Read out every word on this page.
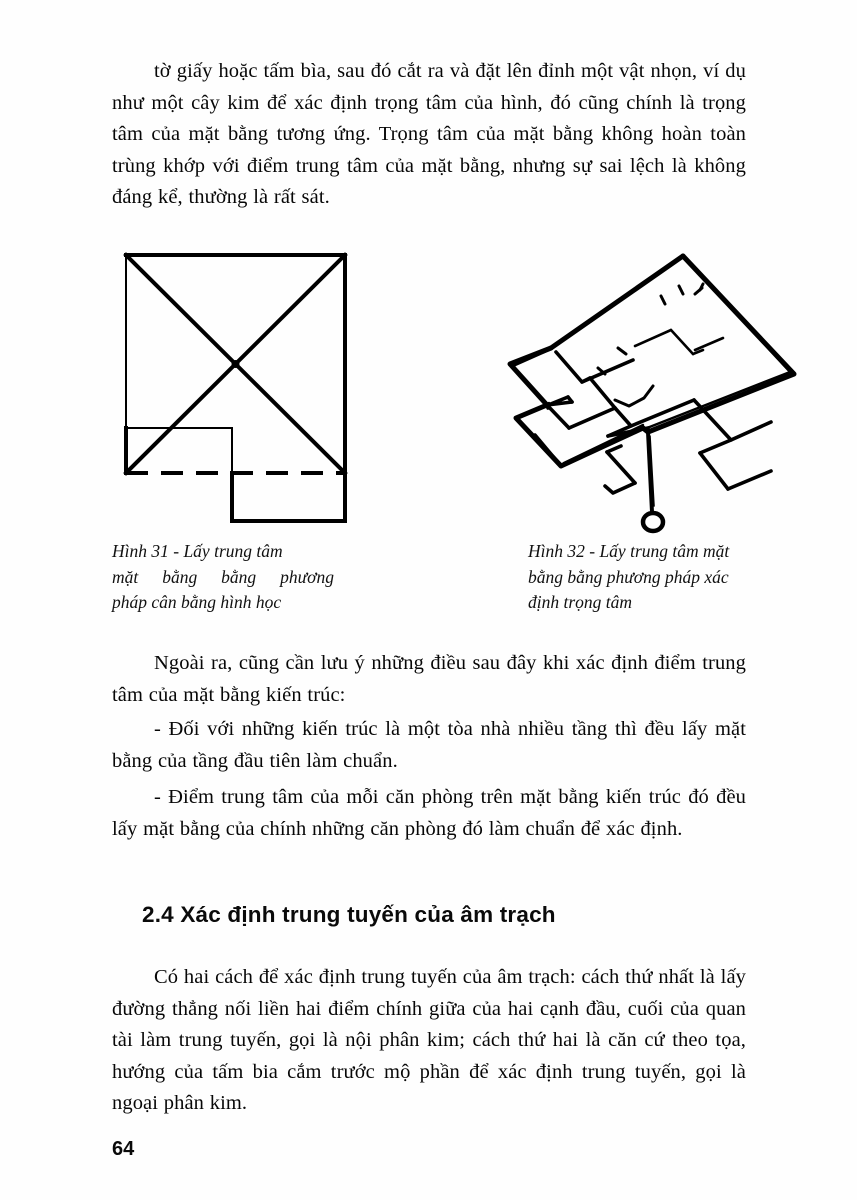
tờ giấy hoặc tấm bìa, sau đó cắt ra và đặt lên đỉnh một vật nhọn, ví dụ như một cây kim để xác định trọng tâm của hình, đó cũng chính là trọng tâm của mặt bằng tương ứng. Trọng tâm của mặt bằng không hoàn toàn trùng khớp với điểm trung tâm của mặt bằng, nhưng sự sai lệch là không đáng kể, thường là rất sát.

Hình 31 - Lấy trung tâm
mặt bằng bằng phương
pháp cân bằng hình học
Hình 32 - Lấy trung tâm mặt
bằng bằng phương pháp xác
định trọng tâm

Ngoài ra, cũng cần lưu ý những điều sau đây khi xác định điểm trung tâm của mặt bằng kiến trúc:

- Đối với những kiến trúc là một tòa nhà nhiều tầng thì đều lấy mặt bằng của tầng đầu tiên làm chuẩn.

- Điểm trung tâm của mỗi căn phòng trên mặt bằng kiến trúc đó đều lấy mặt bằng của chính những căn phòng đó làm chuẩn để xác định.

2.4 Xác định trung tuyến của âm trạch

Có hai cách để xác định trung tuyến của âm trạch: cách thứ nhất là lấy đường thẳng nối liền hai điểm chính giữa của hai cạnh đầu, cuối của quan tài làm trung tuyến, gọi là nội phân kim; cách thứ hai là căn cứ theo tọa, hướng của tấm bia cắm trước mộ phần để xác định trung tuyến, gọi là ngoại phân kim.

64
